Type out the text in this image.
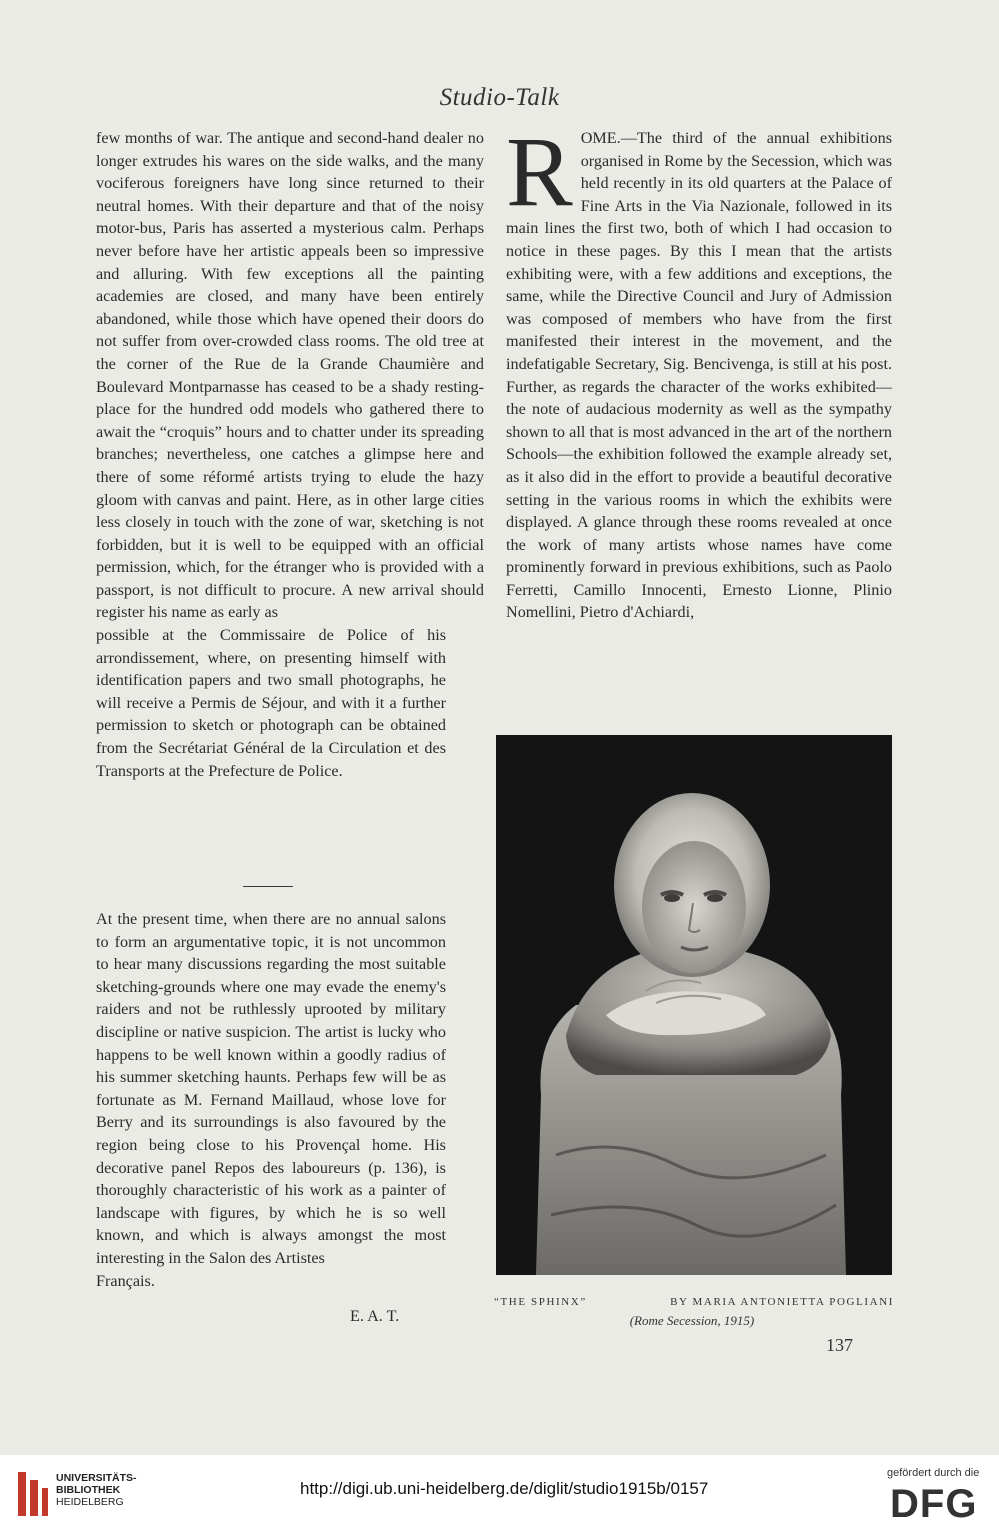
Studio-Talk

few months of war. The antique and second-hand dealer no longer extrudes his wares on the side walks, and the many vociferous foreigners have long since returned to their neutral homes. With their departure and that of the noisy motor-bus, Paris has asserted a mysterious calm. Perhaps never before have her artistic appeals been so impressive and alluring. With few exceptions all the painting academies are closed, and many have been entirely abandoned, while those which have opened their doors do not suffer from over-crowded class rooms. The old tree at the corner of the Rue de la Grande Chaumière and Boulevard Montparnasse has ceased to be a shady resting-place for the hundred odd models who gathered there to await the “croquis” hours and to chatter under its spreading branches; nevertheless, one catches a glimpse here and there of some réformé artists trying to elude the hazy gloom with canvas and paint. Here, as in other large cities less closely in touch with the zone of war, sketching is not forbidden, but it is well to be equipped with an official permission, which, for the étranger who is provided with a passport, is not difficult to procure. A new arrival should register his name as early as

possible at the Commissaire de Police of his arrondissement, where, on presenting himself with identification papers and two small photographs, he will receive a Permis de Séjour, and with it a further permission to sketch or photograph can be obtained from the Secrétariat Général de la Circulation et des Transports at the Prefecture de Police.

At the present time, when there are no annual salons to form an argumentative topic, it is not uncommon to hear many discussions regarding the most suitable sketching-grounds where one may evade the enemy's raiders and not be ruthlessly uprooted by military discipline or native suspicion. The artist is lucky who happens to be well known within a goodly radius of his summer sketching haunts. Perhaps few will be as fortunate as M. Fernand Maillaud, whose love for Berry and its surroundings is also favoured by the region being close to his Provençal home. His decorative panel Repos des laboureurs (p. 136), is thoroughly characteristic of his work as a painter of landscape with figures, by which he is so well known, and which is always amongst the most interesting in the Salon des Artistes

Français.

E. A. T.
R OME.—The third of the annual exhibitions organised in Rome by the Secession, which was held recently in its old quarters at the Palace of Fine Arts in the Via Nazionale, followed in its main lines the first two, both of which I had occasion to notice in these pages. By this I mean that the artists exhibiting were, with a few additions and exceptions, the same, while the Directive Council and Jury of Admission was composed of members who have from the first manifested their interest in the movement, and the indefatigable Secretary, Sig. Bencivenga, is still at his post. Further, as regards the character of the works exhibited—the note of audacious modernity as well as the sympathy shown to all that is most advanced in the art of the northern Schools—the exhibition followed the example already set, as it also did in the effort to provide a beautiful decorative setting in the various rooms in which the exhibits were displayed. A glance through these rooms revealed at once the work of many artists whose names have come prominently forward in previous exhibitions, such as Paolo Ferretti, Camillo Innocenti, Ernesto Lionne, Plinio Nomellini, Pietro d'Achiardi,

“THE SPHINX”	BY MARIA ANTONIETTA POGLIANI
(Rome Secession, 1915)
137
UNIVERSITÄTS-
BIBLIOTHEK
HEIDELBERG
http://digi.ub.uni-heidelberg.de/diglit/studio1915b/0157
gefördert durch die
DFG
